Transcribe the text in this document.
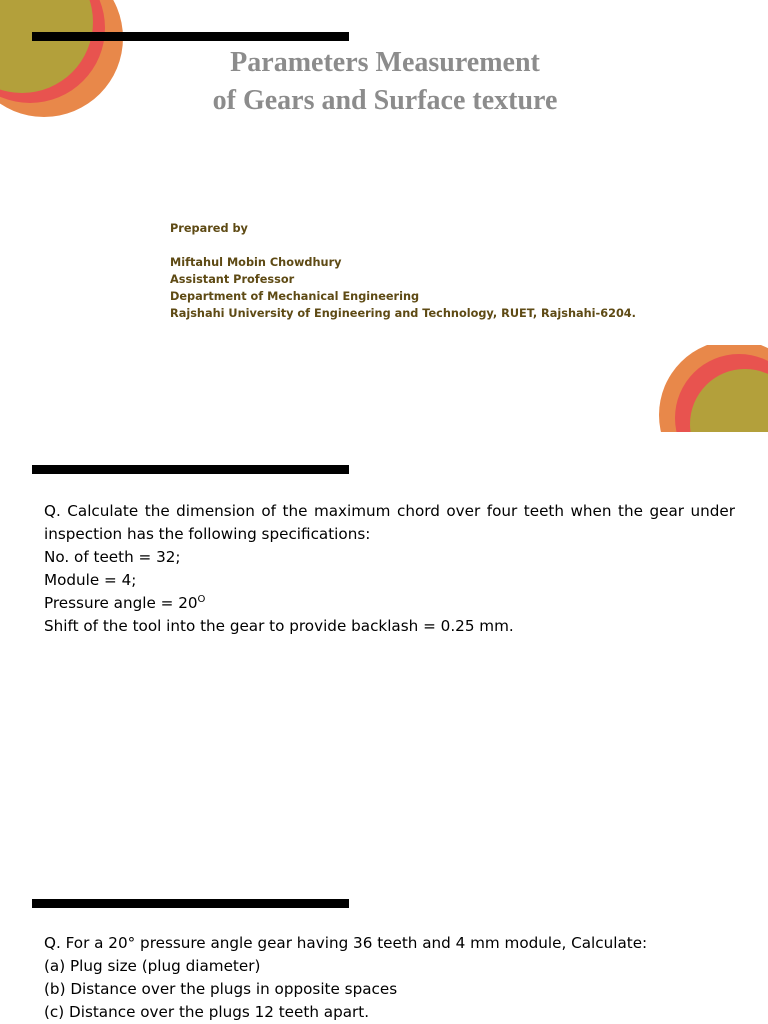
Parameters Measurement
of Gears and Surface texture
Prepared by
Miftahul Mobin Chowdhury
Assistant Professor
Department of Mechanical Engineering
Rajshahi University of Engineering and Technology, RUET, Rajshahi-6204.
Q. Calculate the dimension of the maximum chord over four teeth when the gear under inspection has the following specifications:
No. of teeth = 32;
Module = 4;
Pressure angle = $20^O$
Shift of the tool into the gear to provide backlash = 0.25 mm.
Q. For a 20° pressure angle gear having 36 teeth and 4 mm module, Calculate:
(a) Plug size (plug diameter)
(b) Distance over the plugs in opposite spaces
(c) Distance over the plugs 12 teeth apart.
